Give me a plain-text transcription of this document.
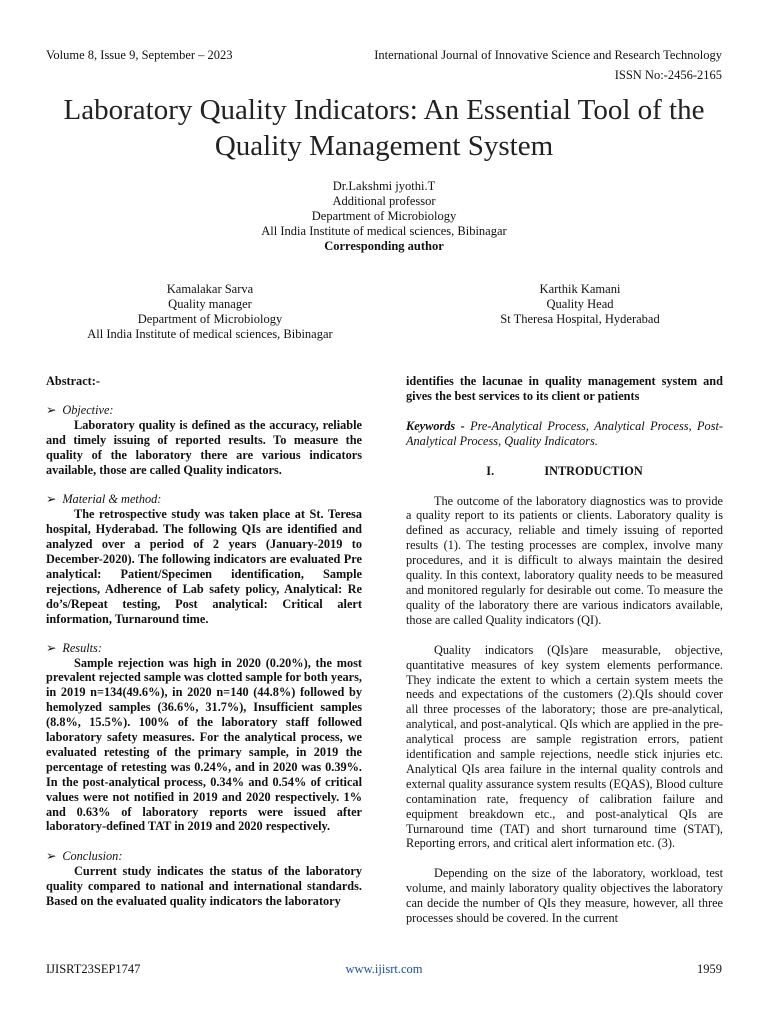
Volume 8, Issue 9, September – 2023	International Journal of Innovative Science and Research Technology
ISSN No:-2456-2165
Laboratory Quality Indicators: An Essential Tool of the
Quality Management System
Dr.Lakshmi jyothi.T
Additional professor
Department of Microbiology
All India Institute of medical sciences, Bibinagar
Corresponding author
Kamalakar Sarva
Quality manager
Department of Microbiology
All India Institute of medical sciences, Bibinagar
Karthik Kamani
Quality Head
St Theresa Hospital, Hyderabad

Abstract:-

➢ Objective:

Laboratory quality is defined as the accuracy, reliable and timely issuing of reported results. To measure the quality of the laboratory there are various indicators available, those are called Quality indicators.

➢ Material & method:

The retrospective study was taken place at St. Teresa hospital, Hyderabad. The following QIs are identified and analyzed over a period of 2 years (January-2019 to December-2020). The following indicators are evaluated Pre analytical: Patient/Specimen identification, Sample rejections, Adherence of Lab safety policy, Analytical: Re do’s/Repeat testing, Post analytical: Critical alert information, Turnaround time.

➢ Results:

Sample rejection was high in 2020 (0.20%), the most prevalent rejected sample was clotted sample for both years, in 2019 n=134(49.6%), in 2020 n=140 (44.8%) followed by hemolyzed samples (36.6%, 31.7%), Insufficient samples (8.8%, 15.5%). 100% of the laboratory staff followed laboratory safety measures. For the analytical process, we evaluated retesting of the primary sample, in 2019 the percentage of retesting was 0.24%, and in 2020 was 0.39%. In the post-analytical process, 0.34% and 0.54% of critical values were not notified in 2019 and 2020 respectively. 1% and 0.63% of laboratory reports were issued after laboratory-defined TAT in 2019 and 2020 respectively.

➢ Conclusion:

Current study indicates the status of the laboratory quality compared to national and international standards. Based on the evaluated quality indicators the laboratory

identifies the lacunae in quality management system and gives the best services to its client or patients

Keywords - Pre-Analytical Process, Analytical Process, Post-Analytical Process, Quality Indicators.

I.	INTRODUCTION

The outcome of the laboratory diagnostics was to provide a quality report to its patients or clients. Laboratory quality is defined as accuracy, reliable and timely issuing of reported results (1). The testing processes are complex, involve many procedures, and it is difficult to always maintain the desired quality. In this context, laboratory quality needs to be measured and monitored regularly for desirable out come. To measure the quality of the laboratory there are various indicators available, those are called Quality indicators (QI).

Quality indicators (QIs)are measurable, objective, quantitative measures of key system elements performance. They indicate the extent to which a certain system meets the needs and expectations of the customers (2).QIs should cover all three processes of the laboratory; those are pre-analytical, analytical, and post-analytical. QIs which are applied in the pre-analytical process are sample registration errors, patient identification and sample rejections, needle stick injuries etc. Analytical QIs area failure in the internal quality controls and external quality assurance system results (EQAS), Blood culture contamination rate, frequency of calibration failure and equipment breakdown etc., and post-analytical QIs are Turnaround time (TAT) and short turnaround time (STAT), Reporting errors, and critical alert information etc. (3).

Depending on the size of the laboratory, workload, test volume, and mainly laboratory quality objectives the laboratory can decide the number of QIs they measure, however, all three processes should be covered. In the current

IJISRT23SEP1747	www.ijisrt.com	1959
